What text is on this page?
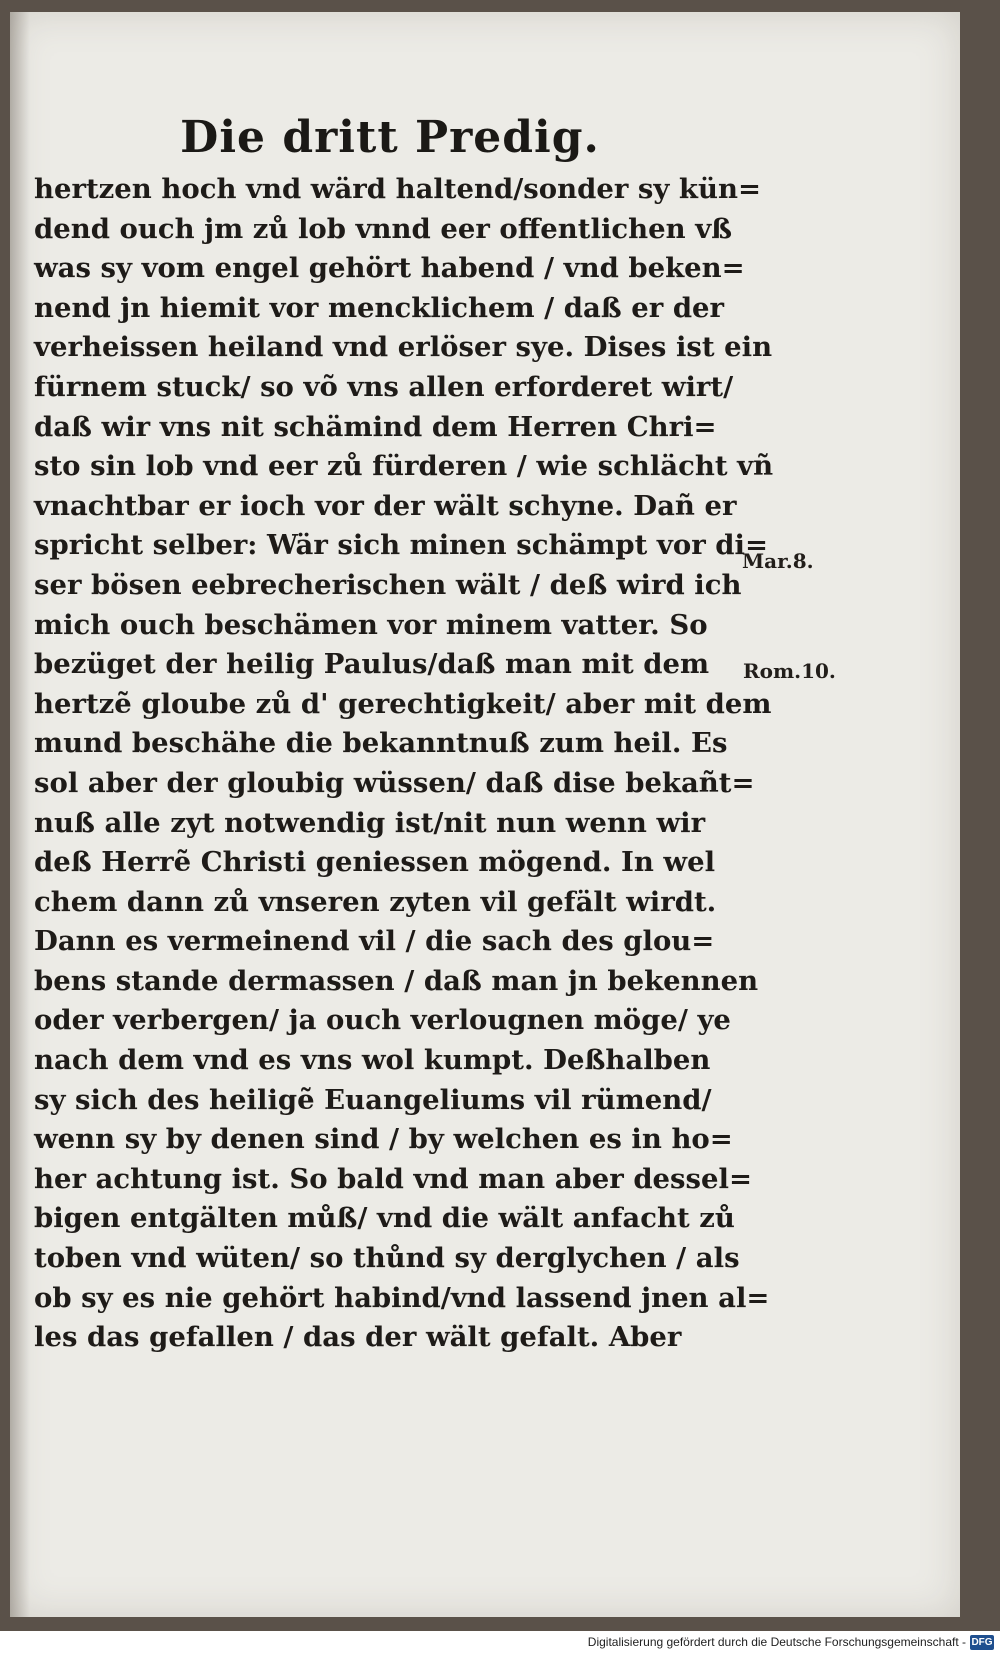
Die dritt Predig.
hertzen hoch vnd wärd haltend/sonder sy kün=
dend ouch jm zů lob vnnd eer offentlichen vß
was sy vom engel gehört habend / vnd beken=
nend jn hiemit vor mencklichem / daß er der
verheissen heiland vnd erlöser sye. Dises ist ein
fürnem stuck/ so võ vns allen erforderet wirt/
daß wir vns nit schämind dem Herren Chri=
sto sin lob vnd eer zů fürderen / wie schlächt vñ
vnachtbar er ioch vor der wält schyne. Dañ er
spricht selber: Wär sich minen schämpt vor di=
ser bösen eebrecherischen wält / deß wird ich
mich ouch beschämen vor minem vatter. So
bezüget der heilig Paulus/daß man mit dem
hertzẽ gloube zů d' gerechtigkeit/ aber mit dem
mund beschähe die bekanntnuß zum heil. Es
sol aber der gloubig wüssen/ daß dise bekañt=
nuß alle zyt notwendig ist/nit nun wenn wir
deß Herrẽ Christi geniessen mögend. In wel
chem dann zů vnseren zyten vil gefält wirdt.
Dann es vermeinend vil / die sach des glou=
bens stande dermassen / daß man jn bekennen
oder verbergen/ ja ouch verlougnen möge/ ye
nach dem vnd es vns wol kumpt. Deßhalben
sy sich des heiligẽ Euangeliums vil rümend/
wenn sy by denen sind / by welchen es in ho=
her achtung ist. So bald vnd man aber dessel=
bigen entgälten můß/ vnd die wält anfacht zů
toben vnd wüten/ so thůnd sy derglychen / als
ob sy es nie gehört habind/vnd lassend jnen al=
les das gefallen / das der wält gefalt. Aber
Mar.8.
Rom.10.
Digitalisierung gefördert durch die Deutsche Forschungsgemeinschaft - DFG
